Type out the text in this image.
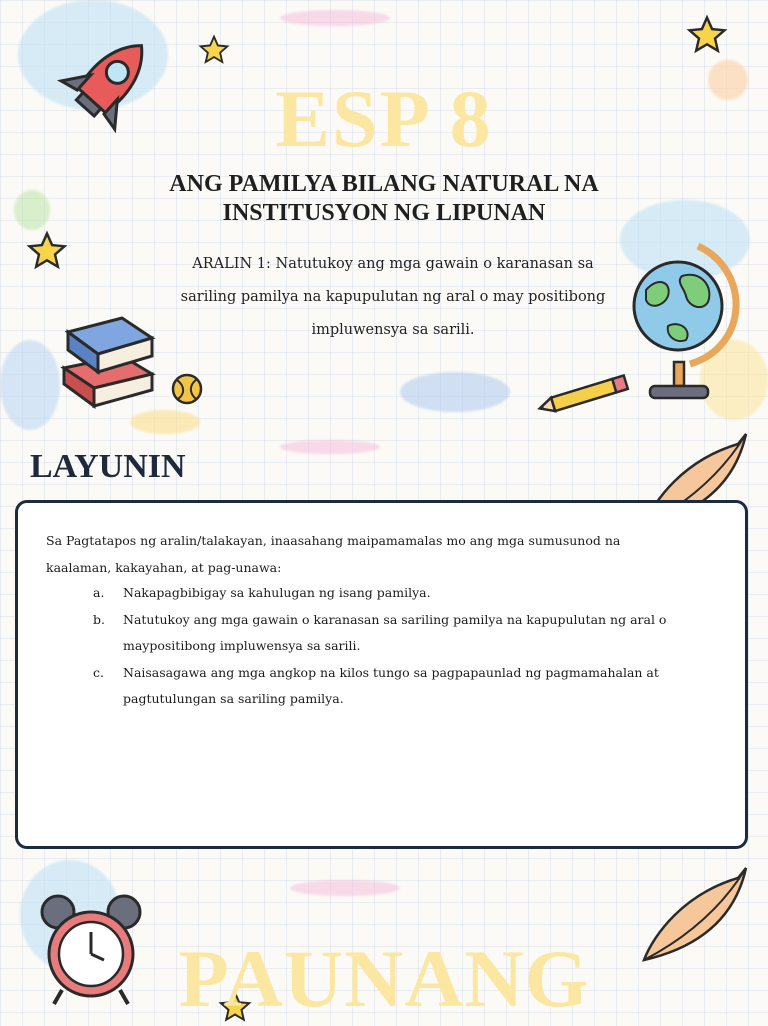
ESP 8
ANG PAMILYA BILANG NATURAL NA
INSTITUSYON NG LIPUNAN

ARALIN 1: Natutukoy ang mga gawain o karanasan sa sariling pamilya na kapupulutan ng aral o may positibong impluwensya sa sarili.

LAYUNIN

Sa Pagtatapos ng aralin/talakayan, inaasahang maipamamalas mo ang mga sumusunod na kaalaman, kakayahan, at pag-unawa:

a. Nakapagbibigay sa kahulugan ng isang pamilya.
b. Natutukoy ang mga gawain o karanasan sa sariling pamilya na kapupulutan ng aral o maypositibong impluwensya sa sarili.
c. Naisasagawa ang mga angkop na kilos tungo sa pagpapaunlad ng pagmamahalan at pagtutulungan sa sariling pamilya.
PAUNANG
